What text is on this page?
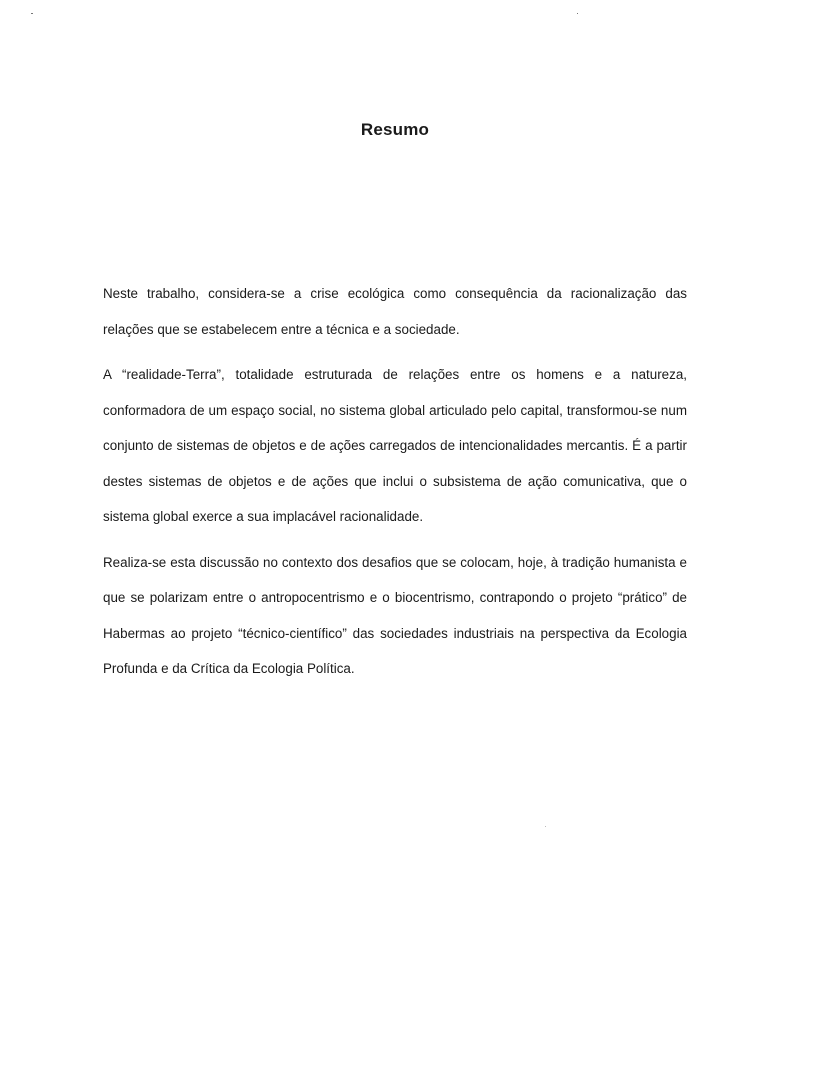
Resumo

Neste trabalho, considera-se a crise ecológica como consequência da racionalização das relações que se estabelecem entre a técnica e a sociedade.

A “realidade-Terra”, totalidade estruturada de relações entre os homens e a natureza, conformadora de um espaço social, no sistema global articulado pelo capital, transformou-se num conjunto de sistemas de objetos e de ações carregados de intencionalidades mercantis. É a partir destes sistemas de objetos e de ações que inclui o subsistema de ação comunicativa, que o sistema global exerce a sua implacável racionalidade.

Realiza-se esta discussão no contexto dos desafios que se colocam, hoje, à tradição humanista e que se polarizam entre o antropocentrismo e o biocentrismo, contrapondo o projeto “prático” de Habermas ao projeto “técnico-científico” das sociedades industriais na perspectiva da Ecologia Profunda e da Crítica da Ecologia Política.
